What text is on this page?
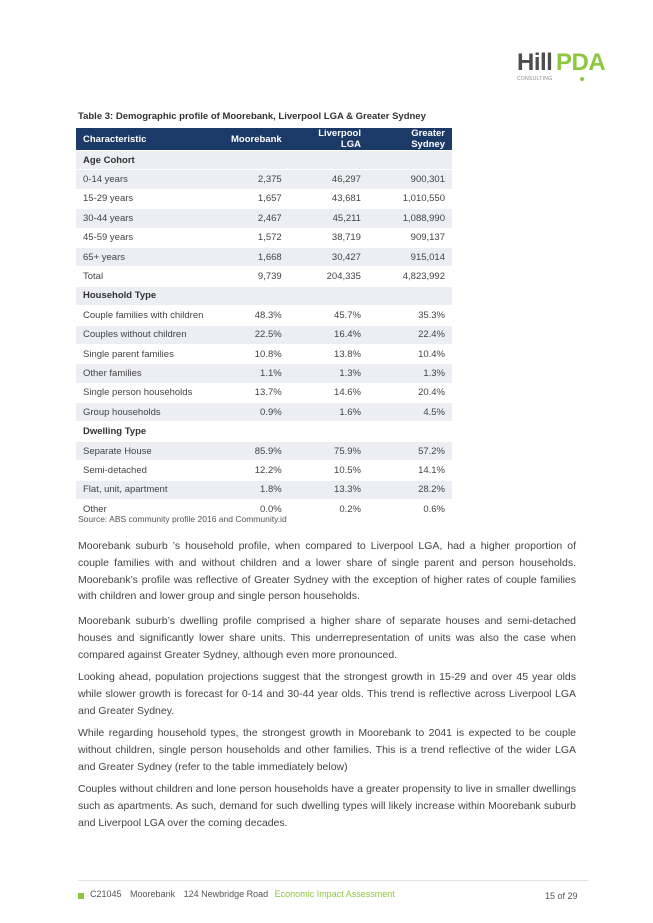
Hill PDA
CONSULTING
Table 3: Demographic profile of Moorebank, Liverpool LGA & Greater Sydney
Characteristic	Moorebank	Liverpool LGA	Greater Sydney
Age Cohort			
0-14 years	2,375	46,297	900,301
15-29 years	1,657	43,681	1,010,550
30-44 years	2,467	45,211	1,088,990
45-59 years	1,572	38,719	909,137
65+ years	1,668	30,427	915,014
Total	9,739	204,335	4,823,992
Household Type			
Couple families with children	48.3%	45.7%	35.3%
Couples without children	22.5%	16.4%	22.4%
Single parent families	10.8%	13.8%	10.4%
Other families	1.1%	1.3%	1.3%
Single person households	13.7%	14.6%	20.4%
Group households	0.9%	1.6%	4.5%
Dwelling Type			
Separate House	85.9%	75.9%	57.2%
Semi-detached	12.2%	10.5%	14.1%
Flat, unit, apartment	1.8%	13.3%	28.2%
Other	0.0%	0.2%	0.6%
Source: ABS community profile 2016 and Community.id

Moorebank suburb ’s household profile, when compared to Liverpool LGA, had a higher proportion of couple families with and without children and a lower share of single parent and person households. Moorebank’s profile was reflective of Greater Sydney with the exception of higher rates of couple families with children and lower group and single person households.

Moorebank suburb’s dwelling profile comprised a higher share of separate houses and semi-detached houses and significantly lower share units. This underrepresentation of units was also the case when compared against Greater Sydney, although even more pronounced.

Looking ahead, population projections suggest that the strongest growth in 15-29 and over 45 year olds while slower growth is forecast for 0-14 and 30-44 year olds. This trend is reflective across Liverpool LGA and Greater Sydney.

While regarding household types, the strongest growth in Moorebank to 2041 is expected to be couple without children, single person households and other families. This is a trend reflective of the wider LGA and Greater Sydney (refer to the table immediately below)

Couples without children and lone person households have a greater propensity to live in smaller dwellings such as apartments. As such, demand for such dwelling types will likely increase within Moorebank suburb and Liverpool LGA over the coming decades.

C21045 Moorebank 124 Newbridge Road Economic Impact Assessment	15 of 29
